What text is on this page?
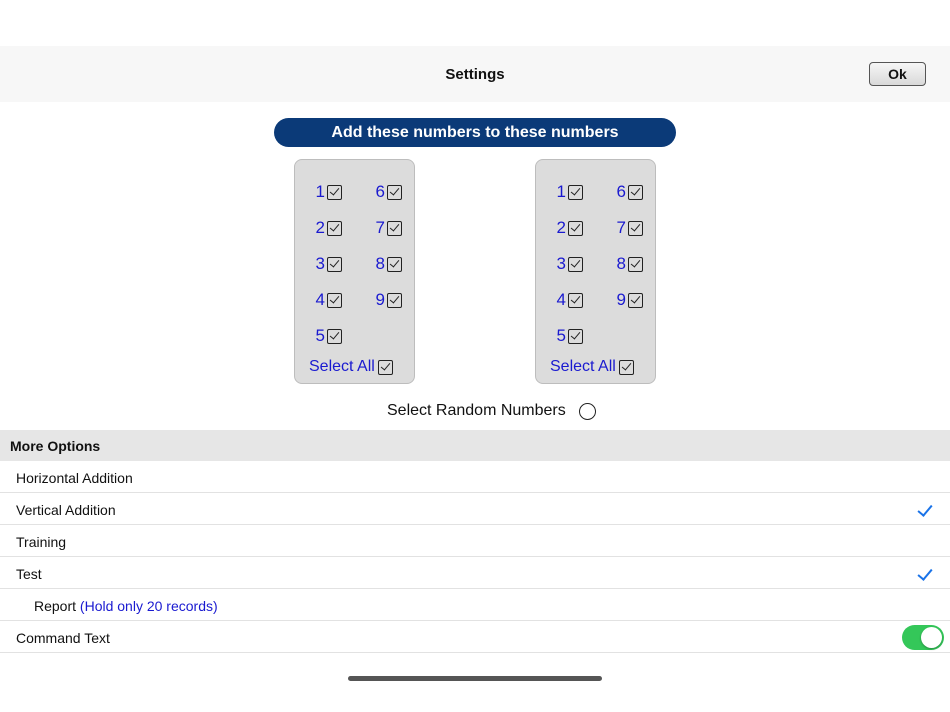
Settings	Ok
Add these numbers to these numbers
1
2
3
4
5
6
7
8
9
Select All
1
2
3
4
5
6
7
8
9
Select All
Select Random Numbers
More Options
Horizontal Addition
Vertical Addition
Training
Test
Report (Hold only 20 records)
Command Text
